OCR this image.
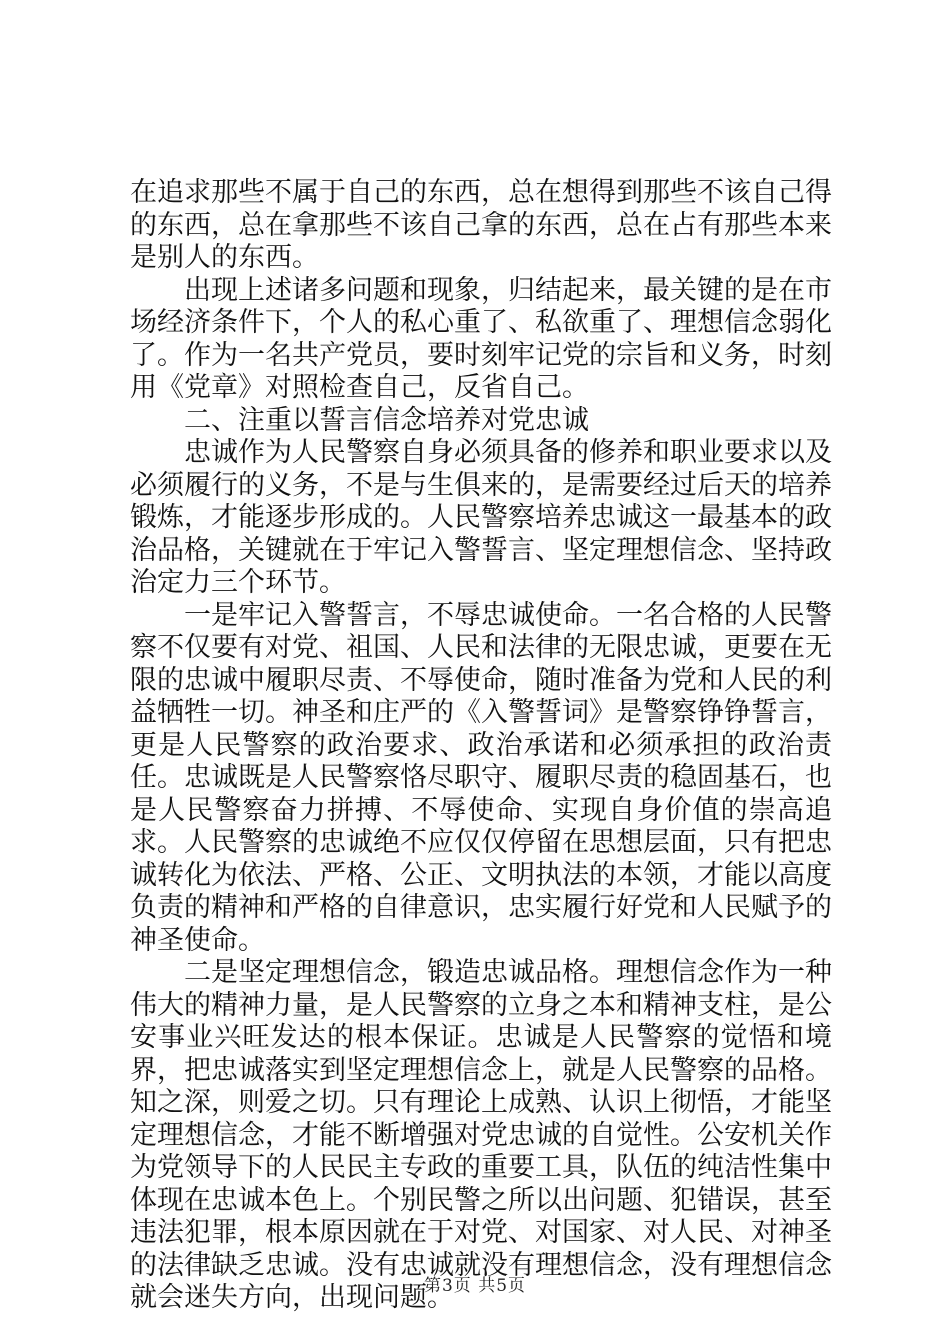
在追求那些不属于自己的东西，总在想得到那些不该自己得的东西，总在拿那些不该自己拿的东西，总在占有那些本来是别人的东西。

出现上述诸多问题和现象，归结起来，最关键的是在市场经济条件下，个人的私心重了、私欲重了、理想信念弱化了。作为一名共产党员，要时刻牢记党的宗旨和义务，时刻用《党章》对照检查自己，反省自己。

二、注重以誓言信念培养对党忠诚

忠诚作为人民警察自身必须具备的修养和职业要求以及必须履行的义务，不是与生俱来的，是需要经过后天的培养锻炼，才能逐步形成的。人民警察培养忠诚这一最基本的政治品格，关键就在于牢记入警誓言、坚定理想信念、坚持政治定力三个环节。

一是牢记入警誓言，不辱忠诚使命。一名合格的人民警察不仅要有对党、祖国、人民和法律的无限忠诚，更要在无限的忠诚中履职尽责、不辱使命，随时准备为党和人民的利益牺牲一切。神圣和庄严的《入警誓词》是警察铮铮誓言，更是人民警察的政治要求、政治承诺和必须承担的政治责任。忠诚既是人民警察恪尽职守、履职尽责的稳固基石，也是人民警察奋力拼搏、不辱使命、实现自身价值的崇高追求。人民警察的忠诚绝不应仅仅停留在思想层面，只有把忠诚转化为依法、严格、公正、文明执法的本领，才能以高度负责的精神和严格的自律意识，忠实履行好党和人民赋予的神圣使命。

二是坚定理想信念，锻造忠诚品格。理想信念作为一种伟大的精神力量，是人民警察的立身之本和精神支柱，是公安事业兴旺发达的根本保证。忠诚是人民警察的觉悟和境界，把忠诚落实到坚定理想信念上，就是人民警察的品格。知之深，则爱之切。只有理论上成熟、认识上彻悟，才能坚定理想信念，才能不断增强对党忠诚的自觉性。公安机关作为党领导下的人民民主专政的重要工具，队伍的纯洁性集中体现在忠诚本色上。个别民警之所以出问题、犯错误，甚至违法犯罪，根本原因就在于对党、对国家、对人民、对神圣的法律缺乏忠诚。没有忠诚就没有理想信念，没有理想信念就会迷失方向，出现问题。

第3页 共5页
